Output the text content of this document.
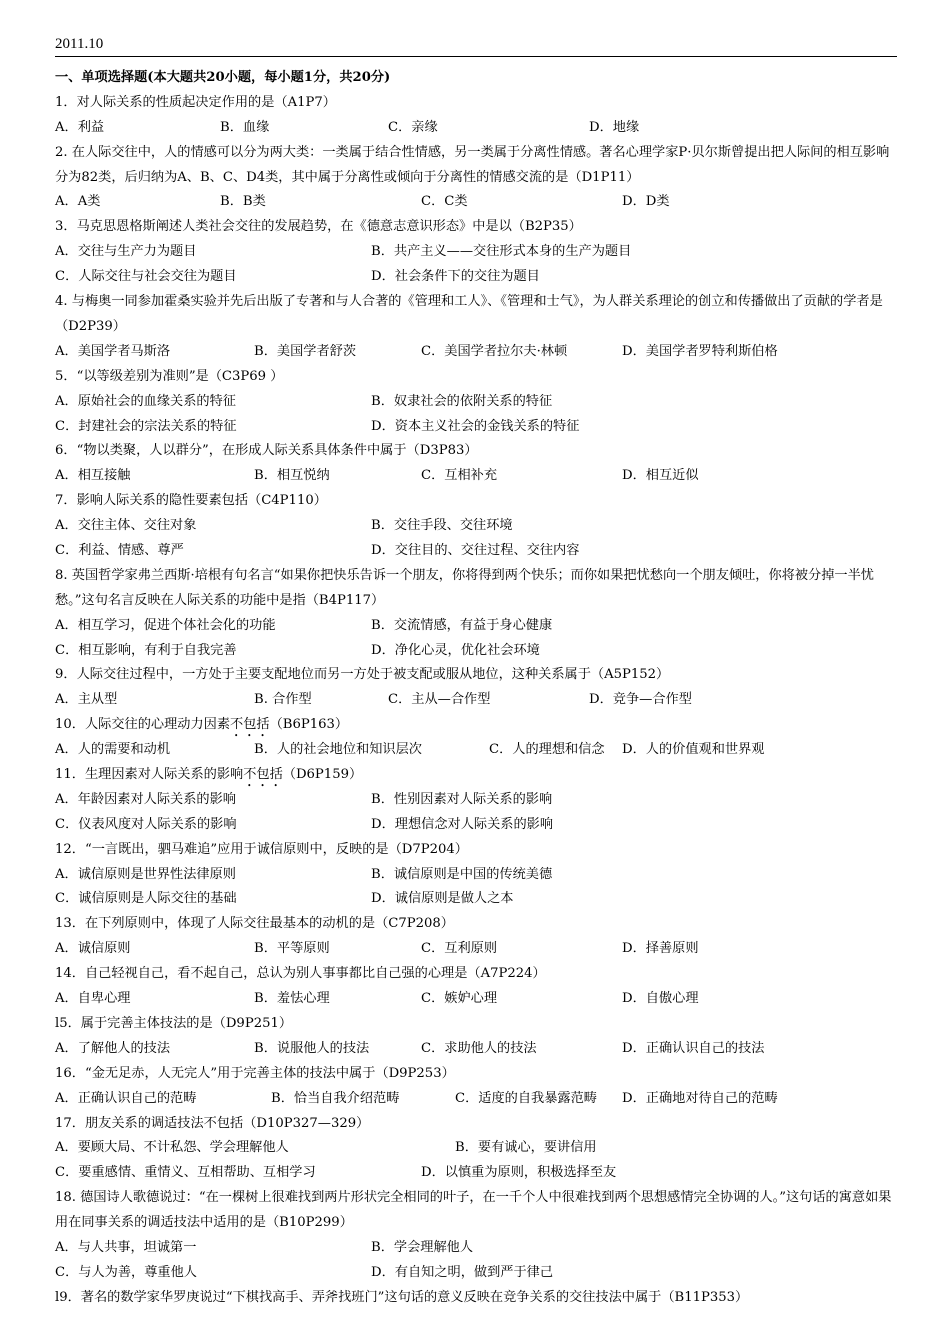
2011.10
一、单项选择题(本大题共20小题，每小题1分，共20分)
1．对人际关系的性质起决定作用的是（A1P7）
A．利益	B．血缘	C．亲缘	D．地缘
2. 在人际交往中，人的情感可以分为两大类：一类属于结合性情感，另一类属于分离性情感。著名心理学家P·贝尔斯曾提出把人际间的相互影响分为82类，后归纳为A、B、C、D4类，其中属于分离性或倾向于分离性的情感交流的是（D1P11）
A．A类	B．B类	C．C类	D．D类
3．马克思恩格斯阐述人类社会交往的发展趋势，在《德意志意识形态》中是以（B2P35）
A．交往与生产力为题目	B．共产主义——交往形式本身的生产为题目
C．人际交往与社会交往为题目	D．社会条件下的交往为题目
4. 与梅奥一同参加霍桑实验并先后出版了专著和与人合著的《管理和工人》、《管理和士气》，为人群关系理论的创立和传播做出了贡献的学者是（D2P39）
A．美国学者马斯洛	B．美国学者舒茨	C．美国学者拉尔夫·林顿	D．美国学者罗特利斯伯格
5．“以等级差别为准则”是（C3P69 ）
A．原始社会的血缘关系的特征	B．奴隶社会的依附关系的特征
C．封建社会的宗法关系的特征	D．资本主义社会的金钱关系的特征
6．“物以类聚，人以群分”，在形成人际关系具体条件中属于（D3P83）
A．相互接触	B．相互悦纳	C．互相补充	D．相互近似
7．影响人际关系的隐性要素包括（C4P110）
A．交往主体、交往对象	B．交往手段、交往环境
C．利益、情感、尊严	D．交往目的、交往过程、交往内容
8. 英国哲学家弗兰西斯·培根有句名言“如果你把快乐告诉一个朋友，你将得到两个快乐；而你如果把忧愁向一个朋友倾吐，你将被分掉一半忧愁。”这句名言反映在人际关系的功能中是指（B4P117）
A．相互学习，促进个体社会化的功能	B．交流情感，有益于身心健康
C．相互影响，有利于自我完善	D．净化心灵，优化社会环境
9．人际交往过程中，一方处于主要支配地位而另一方处于被支配或服从地位，这种关系属于（A5P152）
A．主从型	B. 合作型	C．主从—合作型	D．竞争—合作型
10．人际交往的心理动力因素不包括（B6P163）
A．人的需要和动机	B．人的社会地位和知识层次	C．人的理想和信念 D．人的价值观和世界观
11．生理因素对人际关系的影响不包括（D6P159）
A．年龄因素对人际关系的影响	B．性别因素对人际关系的影响
C．仪表风度对人际关系的影响	D．理想信念对人际关系的影响
12．“一言既出，驷马难追”应用于诚信原则中，反映的是（D7P204）
A．诚信原则是世界性法律原则	B．诚信原则是中国的传统美德
C．诚信原则是人际交往的基础	D．诚信原则是做人之本
13．在下列原则中，体现了人际交往最基本的动机的是（C7P208）
A．诚信原则	B．平等原则	C．互利原则	D．择善原则
14．自己轻视自己，看不起自己，总认为别人事事都比自己强的心理是（A7P224）
A．自卑心理	B．羞怯心理	C．嫉妒心理	D．自傲心理
l5．属于完善主体技法的是（D9P251）
A．了解他人的技法	B．说服他人的技法	C．求助他人的技法	D．正确认识自己的技法
16．“金无足赤，人无完人”用于完善主体的技法中属于（D9P253）
A．正确认识自己的范畴	B．恰当自我介绍范畴	C．适度的自我暴露范畴 D．正确地对待自己的范畴
17．朋友关系的调适技法不包括（D10P327—329）
A．要顾大局、不计私怨、学会理解他人	B．要有诚心，要讲信用
C．要重感情、重情义、互相帮助、互相学习	D．以慎重为原则，积极选择至友
18. 德国诗人歌德说过：“在一棵树上很难找到两片形状完全相同的叶子，在一千个人中很难找到两个思想感情完全协调的人。”这句话的寓意如果用在同事关系的调适技法中适用的是（B10P299）
A．与人共事，坦诚第一	B．学会理解他人
C．与人为善，尊重他人	D．有自知之明，做到严于律己
l9．著名的数学家华罗庚说过“下棋找高手、弄斧找班门”这句话的意义反映在竞争关系的交往技法中属于（B11P353）
